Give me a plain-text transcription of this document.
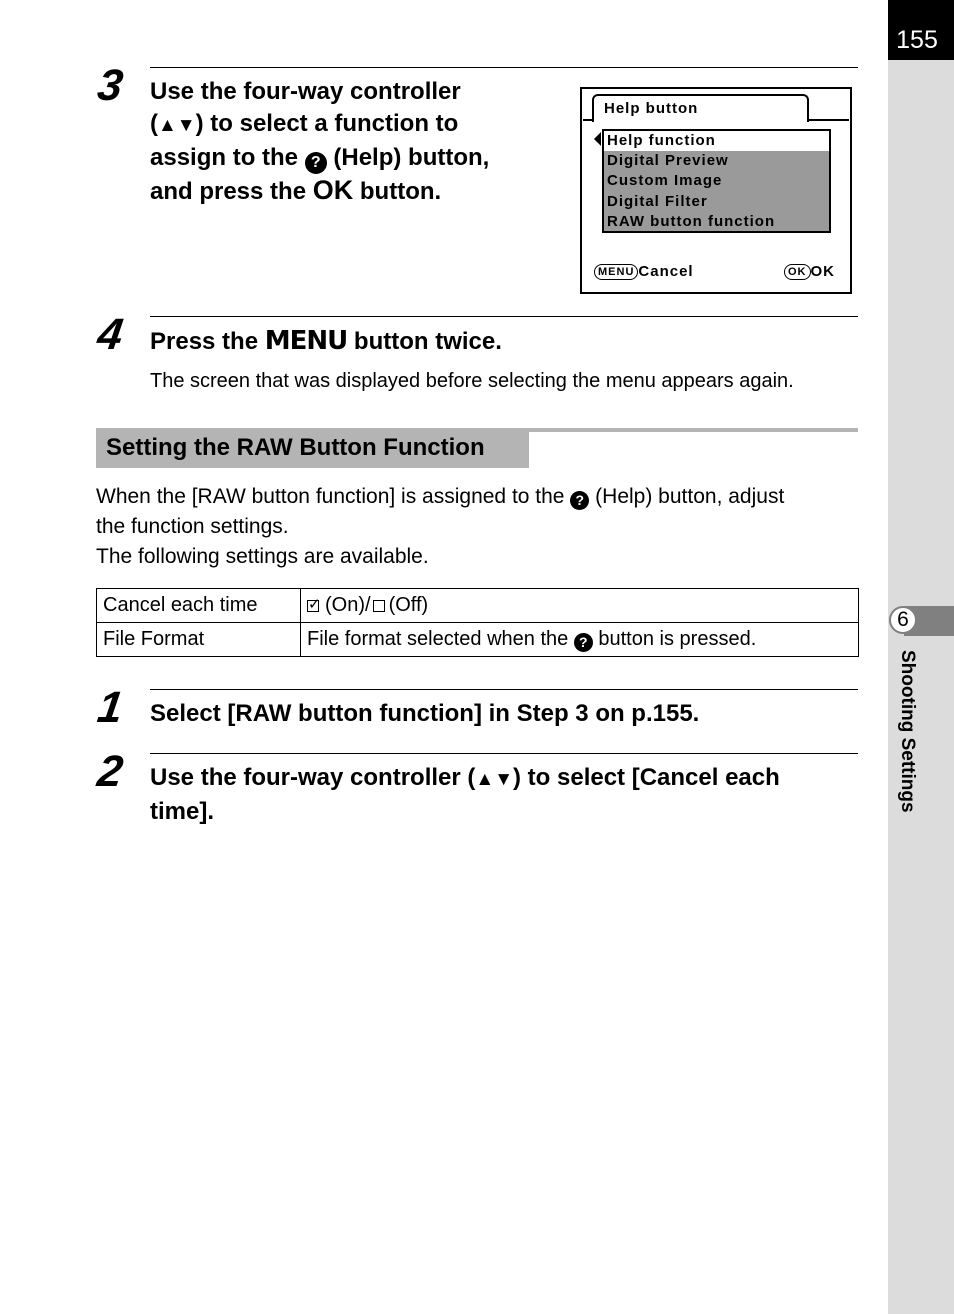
155
6
Shooting Settings
3 Use the four-way controller
(▲▼) to select a function to
assign to the ? (Help) button,
and press the OK button.
Help button
Help function
Digital Preview
Custom Image
Digital Filter
RAW button function
MENU Cancel	OK OK
4 Press the MENU button twice.
The screen that was displayed before selecting the menu appears again.
Setting the RAW Button Function
When the [RAW button function] is assigned to the ? (Help) button, adjust
the function settings.
The following settings are available.
Cancel each time	✓(On)/ (Off)
File Format	File format selected when the ? button is pressed.
1 Select [RAW button function] in Step 3 on p.155.
2 Use the four-way controller (▲▼) to select [Cancel each
time].
